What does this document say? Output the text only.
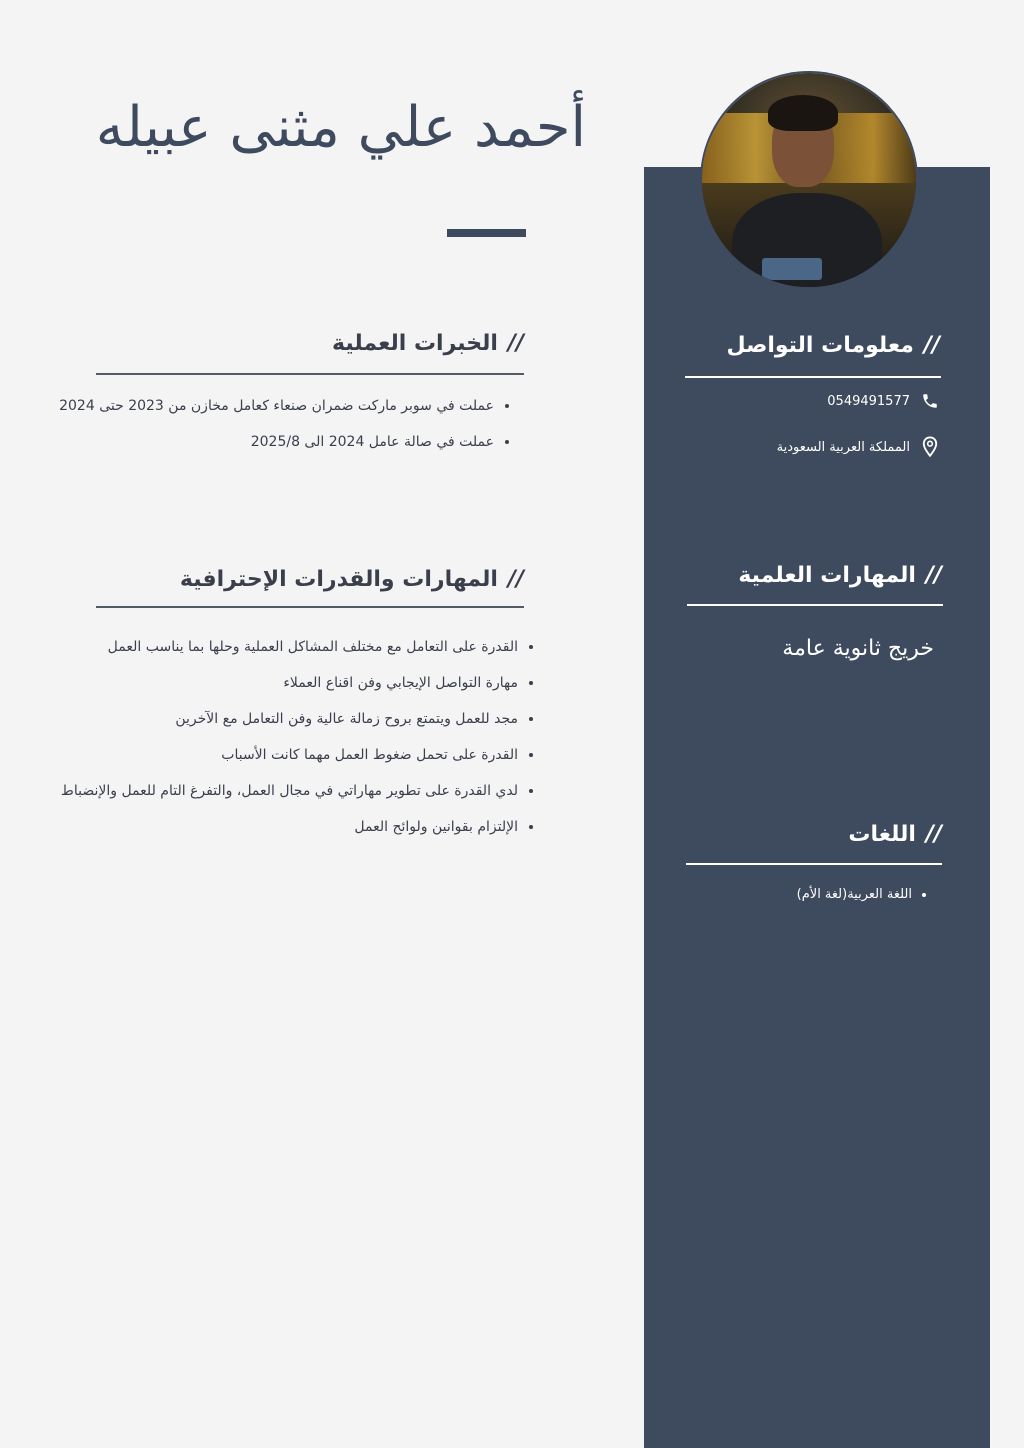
أحمد علي مثنى عبيله
//الخبرات العملية
• عملت في سوبر ماركت ضمران صنعاء كعامل مخازن من 2023 حتى 2024
• عملت في صالة عامل 2024 الى 2025/8
//المهارات والقدرات الإحترافية
• القدرة على التعامل مع مختلف المشاكل العملية وحلها بما يناسب العمل
• مهارة التواصل الإيجابي وفن اقناع العملاء
• مجد للعمل ويتمتع بروح زمالة عالية وفن التعامل مع الآخرين
• القدرة على تحمل ضغوط العمل مهما كانت الأسباب
• لدي القدرة على تطوير مهاراتي في مجال العمل، والتفرغ التام للعمل والإنضباط
• الإلتزام بقوانين ولوائح العمل
//معلومات التواصل
0549491577
المملكة العربية السعودية
//المهارات العلمية
خريج ثانوية عامة
//اللغات
• اللغة العربية(لغة الأم)
